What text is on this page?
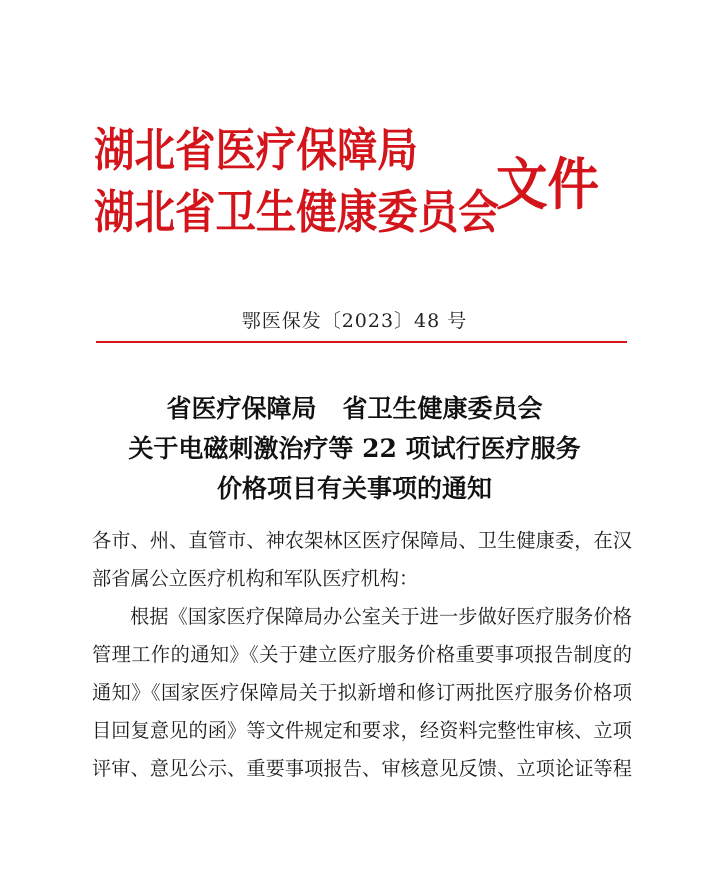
湖北省医疗保障局
湖北省卫生健康委员会
文件
鄂医保发〔2023〕48 号
省医疗保障局 省卫生健康委员会
关于电磁刺激治疗等 22 项试行医疗服务
价格项目有关事项的通知
各市、州、直管市、神农架林区医疗保障局、卫生健康委，在汉
部省属公立医疗机构和军队医疗机构：
根据《国家医疗保障局办公室关于进一步做好医疗服务价格
管理工作的通知》《关于建立医疗服务价格重要事项报告制度的
通知》《国家医疗保障局关于拟新增和修订两批医疗服务价格项
目回复意见的函》等文件规定和要求，经资料完整性审核、立项
评审、意见公示、重要事项报告、审核意见反馈、立项论证等程
